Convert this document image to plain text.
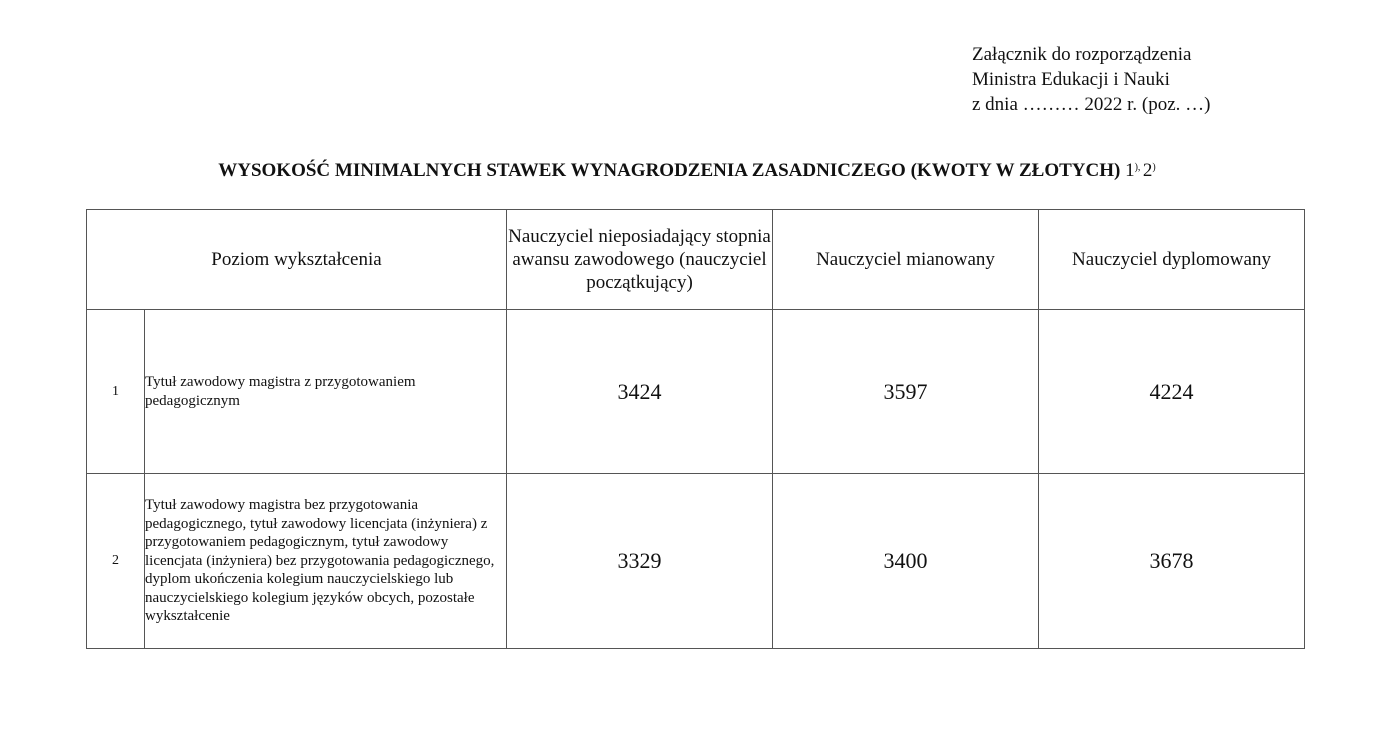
Załącznik do rozporządzenia
Ministra Edukacji i Nauki
z dnia ……… 2022 r. (poz. …)
WYSOKOŚĆ MINIMALNYCH STAWEK WYNAGRODZENIA ZASADNICZEGO (KWOTY W ZŁOTYCH) 1), 2)
Poziom wykształcenia		Nauczyciel nieposiadający stopnia awansu zawodowego (nauczyciel początkujący)	Nauczyciel mianowany	Nauczyciel dyplomowany
1	Tytuł zawodowy magistra z przygotowaniem pedagogicznym	3424	3597	4224
2	Tytuł zawodowy magistra bez przygotowania pedagogicznego, tytuł zawodowy licencjata (inżyniera) z przygotowaniem pedagogicznym, tytuł zawodowy licencjata (inżyniera) bez przygotowania pedagogicznego, dyplom ukończenia kolegium nauczycielskiego lub nauczycielskiego kolegium języków obcych, pozostałe wykształcenie	3329	3400	3678
